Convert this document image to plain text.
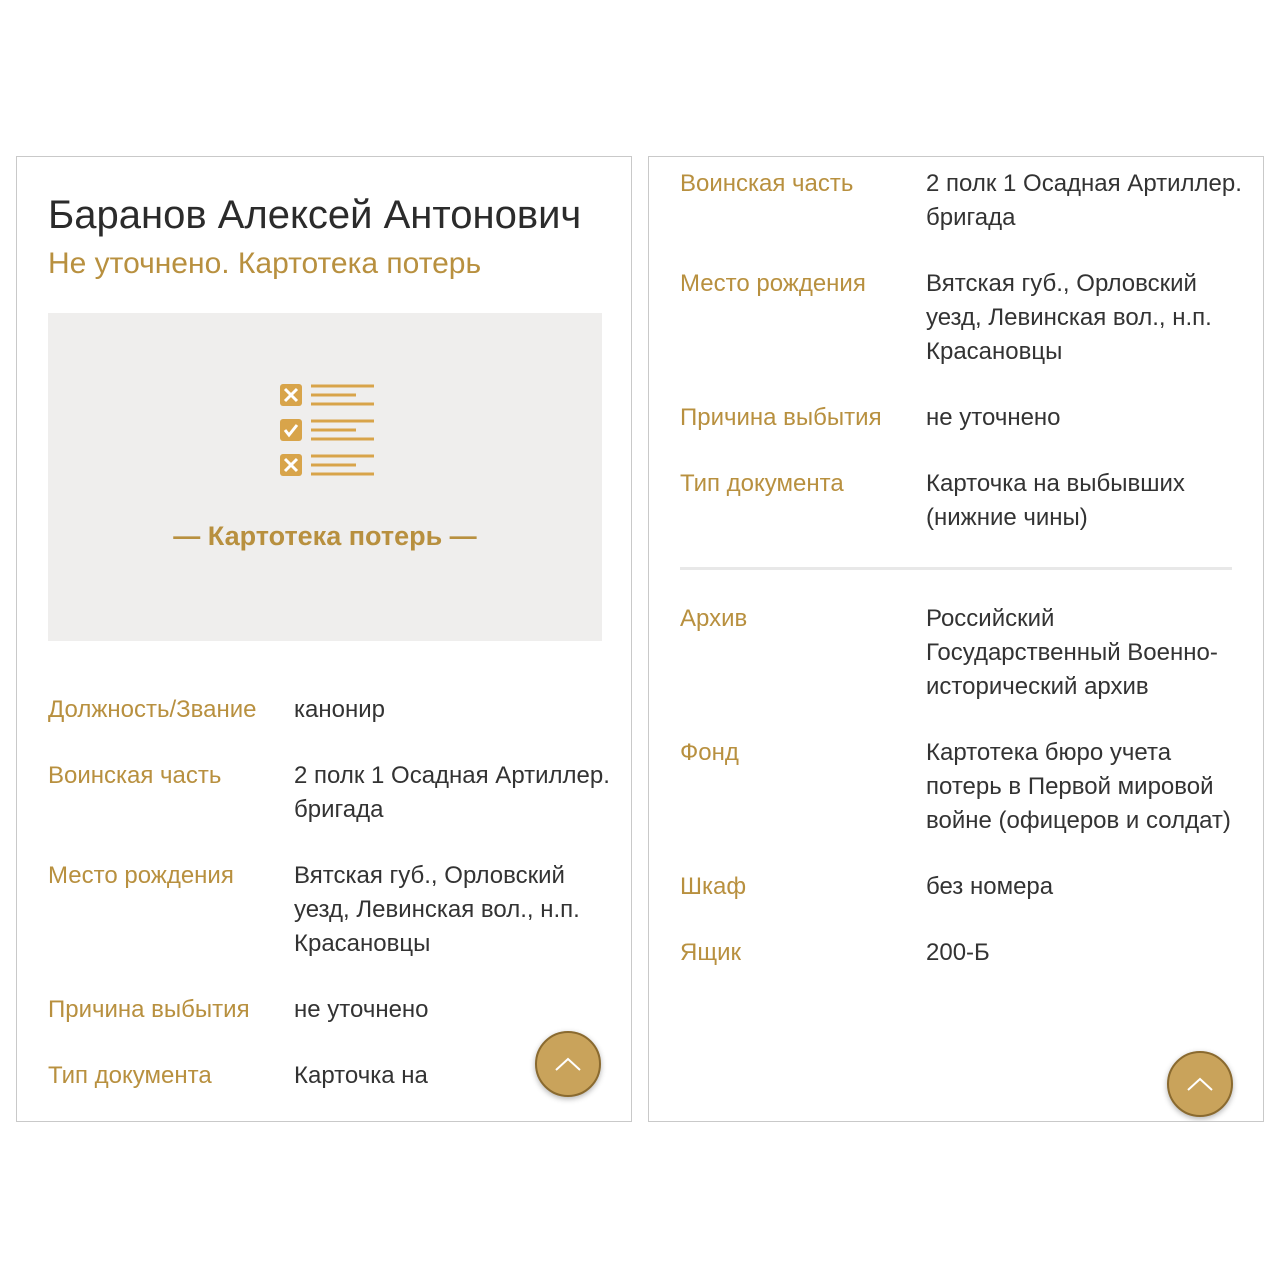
Баранов Алексей Антонович
Не уточнено. Картотека потерь
— Картотека потерь —
Должность/Звание	канонир
Воинская часть	2 полк 1 Осадная Артиллер. бригада
Место рождения	Вятская губ., Орловский уезд, Левинская вол., н.п. Красановцы
Причина выбытия	не уточнено
Тип документа	Карточка на
Воинская часть	2 полк 1 Осадная Артиллер. бригада
Место рождения	Вятская губ., Орловский уезд, Левинская вол., н.п. Красановцы
Причина выбытия	не уточнено
Тип документа	Карточка на выбывших (нижние чины)
Архив	Российский Государственный Военно-исторический архив
Фонд	Картотека бюро учета потерь в Первой мировой войне (офицеров и солдат)
Шкаф	без номера
Ящик	200-Б
